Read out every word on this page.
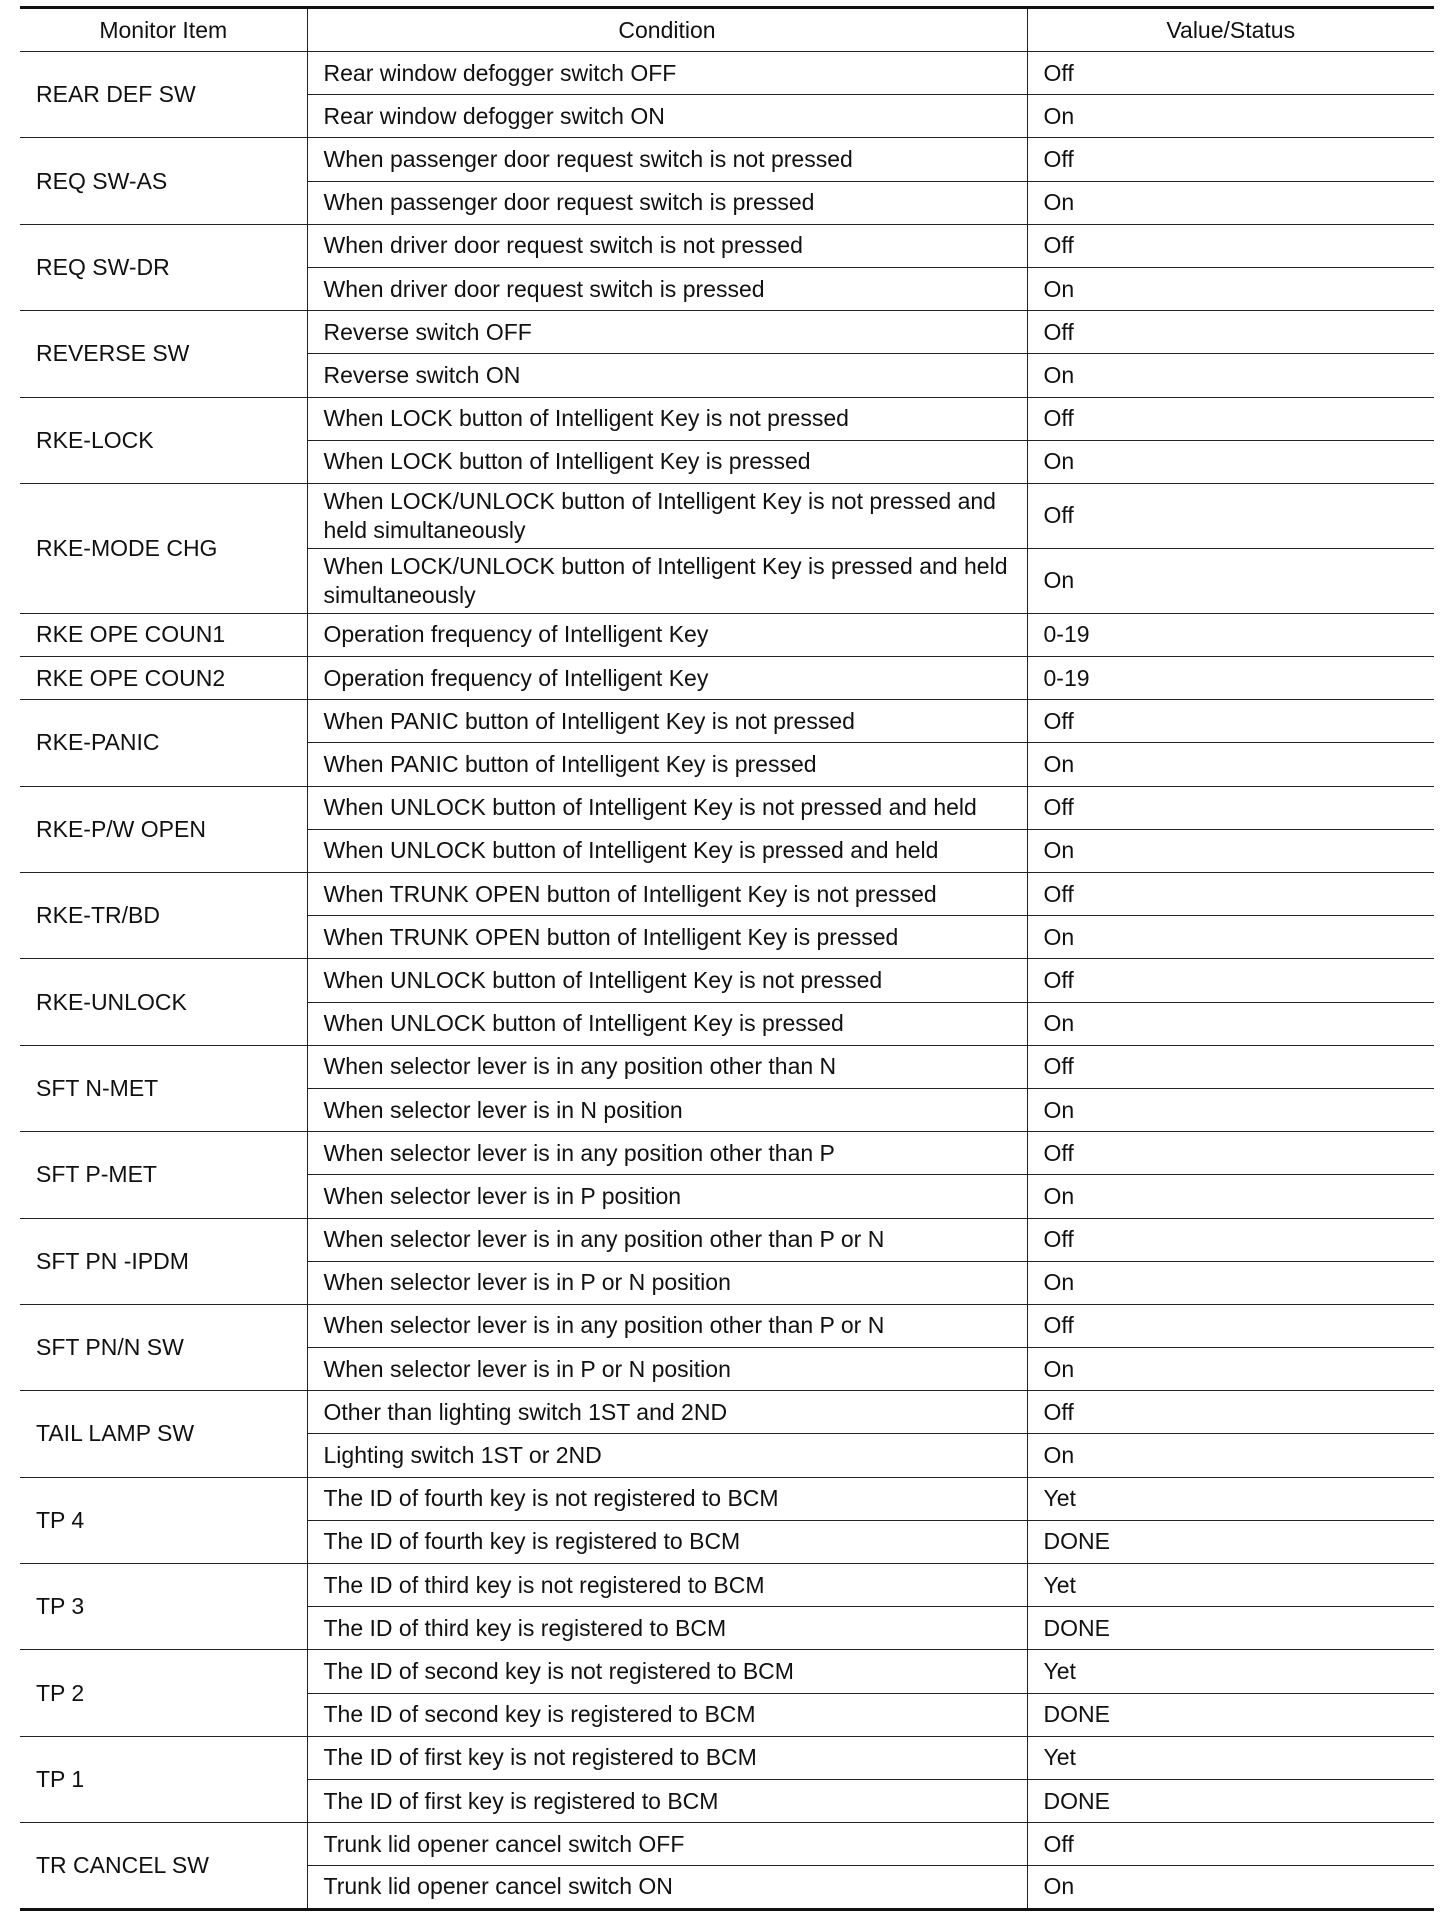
Monitor Item	Condition	Value/Status
REAR DEF SW	Rear window defogger switch OFF	Off
	Rear window defogger switch ON	On
REQ SW-AS	When passenger door request switch is not pressed	Off
	When passenger door request switch is pressed	On
REQ SW-DR	When driver door request switch is not pressed	Off
	When driver door request switch is pressed	On
REVERSE SW	Reverse switch OFF	Off
	Reverse switch ON	On
RKE-LOCK	When LOCK button of Intelligent Key is not pressed	Off
	When LOCK button of Intelligent Key is pressed	On
RKE-MODE CHG	When LOCK/UNLOCK button of Intelligent Key is not pressed and held simultaneously	Off
	When LOCK/UNLOCK button of Intelligent Key is pressed and held simultaneously	On
RKE OPE COUN1	Operation frequency of Intelligent Key	0-19
RKE OPE COUN2	Operation frequency of Intelligent Key	0-19
RKE-PANIC	When PANIC button of Intelligent Key is not pressed	Off
	When PANIC button of Intelligent Key is pressed	On
RKE-P/W OPEN	When UNLOCK button of Intelligent Key is not pressed and held	Off
	When UNLOCK button of Intelligent Key is pressed and held	On
RKE-TR/BD	When TRUNK OPEN button of Intelligent Key is not pressed	Off
	When TRUNK OPEN button of Intelligent Key is pressed	On
RKE-UNLOCK	When UNLOCK button of Intelligent Key is not pressed	Off
	When UNLOCK button of Intelligent Key is pressed	On
SFT N-MET	When selector lever is in any position other than N	Off
	When selector lever is in N position	On
SFT P-MET	When selector lever is in any position other than P	Off
	When selector lever is in P position	On
SFT PN -IPDM	When selector lever is in any position other than P or N	Off
	When selector lever is in P or N position	On
SFT PN/N SW	When selector lever is in any position other than P or N	Off
	When selector lever is in P or N position	On
TAIL LAMP SW	Other than lighting switch 1ST and 2ND	Off
	Lighting switch 1ST or 2ND	On
TP 4	The ID of fourth key is not registered to BCM	Yet
	The ID of fourth key is registered to BCM	DONE
TP 3	The ID of third key is not registered to BCM	Yet
	The ID of third key is registered to BCM	DONE
TP 2	The ID of second key is not registered to BCM	Yet
	The ID of second key is registered to BCM	DONE
TP 1	The ID of first key is not registered to BCM	Yet
	The ID of first key is registered to BCM	DONE
TR CANCEL SW	Trunk lid opener cancel switch OFF	Off
	Trunk lid opener cancel switch ON	On
